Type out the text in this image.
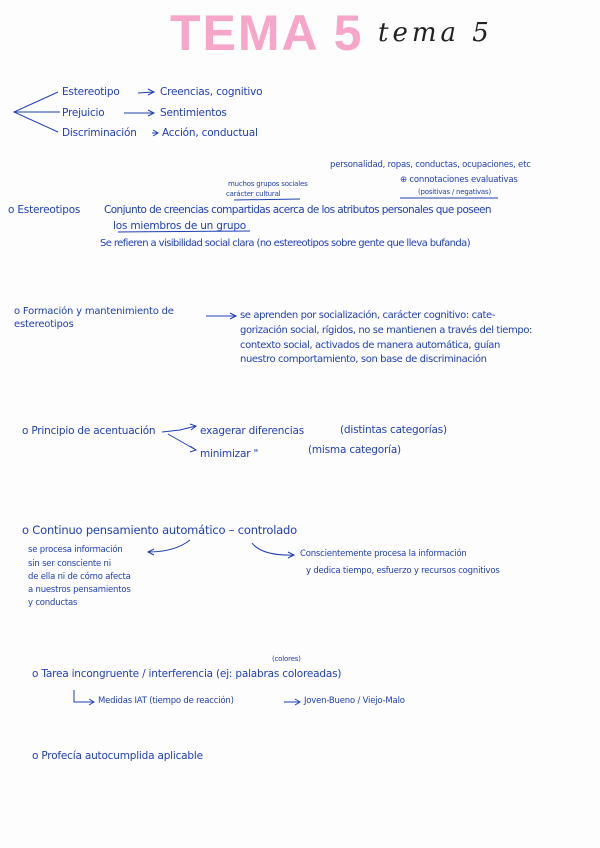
TEMA 5 tema 5
Estereotipo	Creencias, cognitivo
Prejuicio	Sentimientos
Discriminación Acción, conductual
personalidad, ropas, conductas, ocupaciones, etc
⊕ connotaciones evaluativas
(positivas / negativas)
muchos grupos sociales
carácter cultural
o Estereotipos Conjunto de creencias compartidas acerca de los atributos personales que poseen
los miembros de un grupo
Se refieren a visibilidad social clara (no estereotipos sobre gente que lleva bufanda)
o Formación y mantenimiento de estereotipos
se aprenden por socialización, carácter cognitivo: cate-
gorización social, rígidos, no se mantienen a través del tiempo:
contexto social, activados de manera automática, guían
nuestro comportamiento, son base de discriminación
o Principio de acentuación	exagerar diferencias	(distintas categorías)
minimizar "	(misma categoría)
o Continuo pensamiento automático – controlado
se procesa información
sin ser consciente ni
de ella ni de cómo afecta
a nuestros pensamientos
y conductas
Conscientemente procesa la información
y dedica tiempo, esfuerzo y recursos cognitivos
(colores)
o Tarea incongruente / interferencia (ej: palabras coloreadas)
Medidas IAT (tiempo de reacción)	Joven-Bueno / Viejo-Malo
o Profecía autocumplida aplicable
